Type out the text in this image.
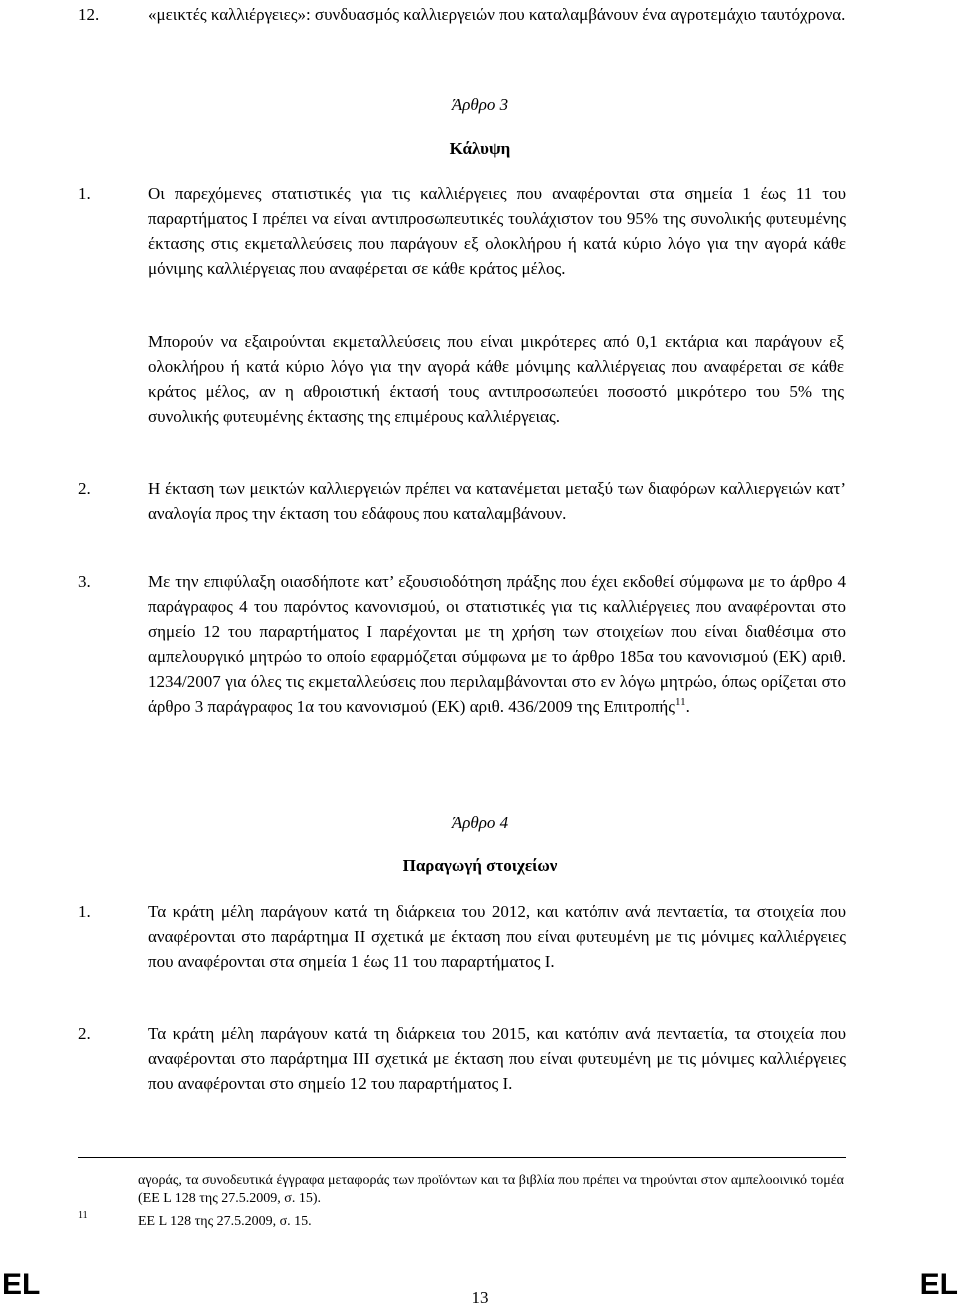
12.	«μεικτές καλλιέργειες»: συνδυασμός καλλιεργειών που καταλαμβάνουν ένα αγροτεμάχιο ταυτόχρονα.
Άρθρο 3
Κάλυψη
1.	Οι παρεχόμενες στατιστικές για τις καλλιέργειες που αναφέρονται στα σημεία 1 έως 11 του παραρτήματος I πρέπει να είναι αντιπροσωπευτικές τουλάχιστον του 95% της συνολικής φυτευμένης έκτασης στις εκμεταλλεύσεις που παράγουν εξ ολοκλήρου ή κατά κύριο λόγο για την αγορά κάθε μόνιμης καλλιέργειας που αναφέρεται σε κάθε κράτος μέλος.
Μπορούν να εξαιρούνται εκμεταλλεύσεις που είναι μικρότερες από 0,1 εκτάρια και παράγουν εξ ολοκλήρου ή κατά κύριο λόγο για την αγορά κάθε μόνιμης καλλιέργειας που αναφέρεται σε κάθε κράτος μέλος, αν η αθροιστική έκτασή τους αντιπροσωπεύει ποσοστό μικρότερο του 5% της συνολικής φυτευμένης έκτασης της επιμέρους καλλιέργειας.
2.	Η έκταση των μεικτών καλλιεργειών πρέπει να κατανέμεται μεταξύ των διαφόρων καλλιεργειών κατ’ αναλογία προς την έκταση του εδάφους που καταλαμβάνουν.
3.	Με την επιφύλαξη οιασδήποτε κατ’ εξουσιοδότηση πράξης που έχει εκδοθεί σύμφωνα με το άρθρο 4 παράγραφος 4 του παρόντος κανονισμού, οι στατιστικές για τις καλλιέργειες που αναφέρονται στο σημείο 12 του παραρτήματος I παρέχονται με τη χρήση των στοιχείων που είναι διαθέσιμα στο αμπελουργικό μητρώο το οποίο εφαρμόζεται σύμφωνα με το άρθρο 185α του κανονισμού (ΕΚ) αριθ. 1234/2007 για όλες τις εκμεταλλεύσεις που περιλαμβάνονται στο εν λόγω μητρώο, όπως ορίζεται στο άρθρο 3 παράγραφος 1α του κανονισμού (ΕΚ) αριθ. 436/2009 της Επιτροπής$^{11}$.
Άρθρο 4
Παραγωγή στοιχείων
1.	Τα κράτη μέλη παράγουν κατά τη διάρκεια του 2012, και κατόπιν ανά πενταετία, τα στοιχεία που αναφέρονται στο παράρτημα II σχετικά με έκταση που είναι φυτευμένη με τις μόνιμες καλλιέργειες που αναφέρονται στα σημεία 1 έως 11 του παραρτήματος I.
2.	Τα κράτη μέλη παράγουν κατά τη διάρκεια του 2015, και κατόπιν ανά πενταετία, τα στοιχεία που αναφέρονται στο παράρτημα III σχετικά με έκταση που είναι φυτευμένη με τις μόνιμες καλλιέργειες που αναφέρονται στο σημείο 12 του παραρτήματος I.
αγοράς, τα συνοδευτικά έγγραφα μεταφοράς των προϊόντων και τα βιβλία που πρέπει να τηρούνται στον αμπελοοινικό τομέα (ΕΕ L 128 της 27.5.2009, σ. 15).
11	ΕΕ L 128 της 27.5.2009, σ. 15.
EL	13	EL
